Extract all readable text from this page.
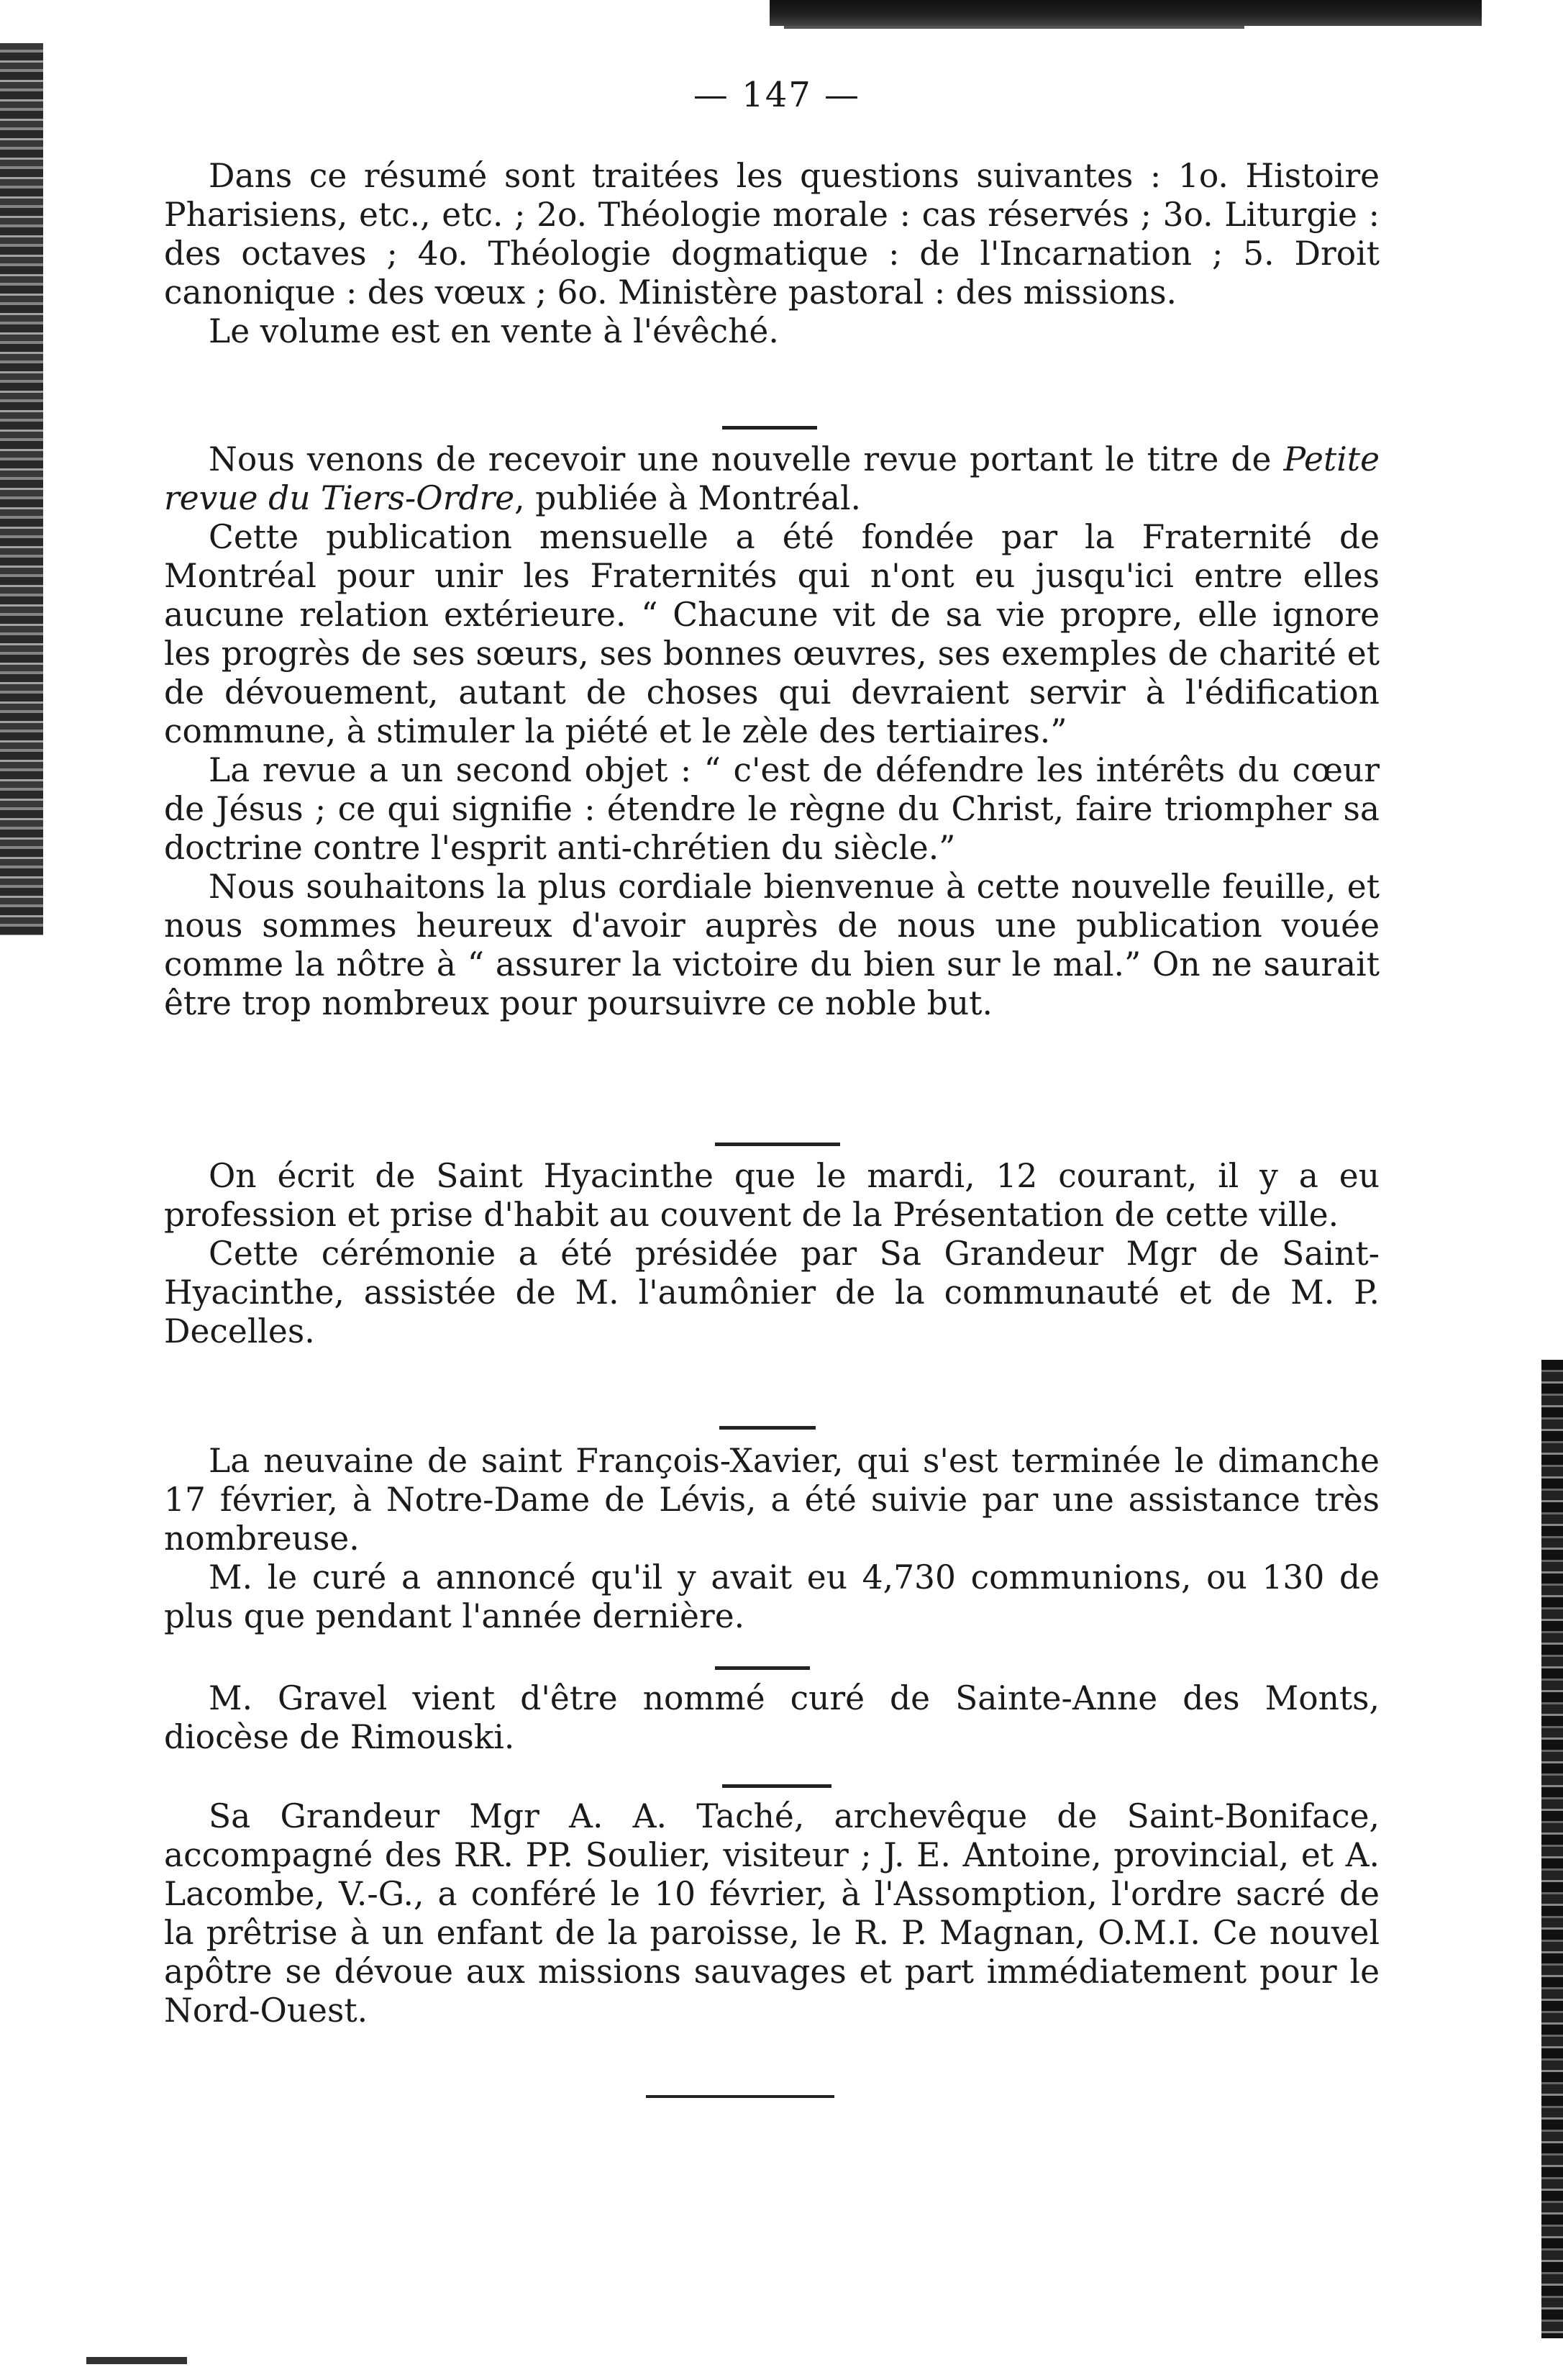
— 147 —

Dans ce résumé sont traitées les questions suivantes : 1o. Histoire Pharisiens, etc., etc. ; 2o. Théologie morale : cas réservés ; 3o. Liturgie : des octaves ; 4o. Théologie dogmatique : de l'Incarnation ; 5. Droit canonique : des vœux ; 6o. Ministère pastoral : des missions.

Le volume est en vente à l'évêché.

Nous venons de recevoir une nouvelle revue portant le titre de Petite revue du Tiers-Ordre, publiée à Montréal.

Cette publication mensuelle a été fondée par la Fraternité de Montréal pour unir les Fraternités qui n'ont eu jusqu'ici entre elles aucune relation extérieure. “ Chacune vit de sa vie propre, elle ignore les progrès de ses sœurs, ses bonnes œuvres, ses exemples de charité et de dévouement, autant de choses qui devraient servir à l'édification commune, à stimuler la piété et le zèle des tertiaires.”

La revue a un second objet : “ c'est de défendre les intérêts du cœur de Jésus ; ce qui signifie : étendre le règne du Christ, faire triompher sa doctrine contre l'esprit anti-chrétien du siècle.”

Nous souhaitons la plus cordiale bienvenue à cette nouvelle feuille, et nous sommes heureux d'avoir auprès de nous une publication vouée comme la nôtre à “ assurer la victoire du bien sur le mal.” On ne saurait être trop nombreux pour poursuivre ce noble but.

On écrit de Saint Hyacinthe que le mardi, 12 courant, il y a eu profession et prise d'habit au couvent de la Présentation de cette ville.

Cette cérémonie a été présidée par Sa Grandeur Mgr de Saint-Hyacinthe, assistée de M. l'aumônier de la communauté et de M. P. Decelles.

La neuvaine de saint François-Xavier, qui s'est terminée le dimanche 17 février, à Notre-Dame de Lévis, a été suivie par une assistance très nombreuse.

M. le curé a annoncé qu'il y avait eu 4,730 communions, ou 130 de plus que pendant l'année dernière.

M. Gravel vient d'être nommé curé de Sainte-Anne des Monts, diocèse de Rimouski.

Sa Grandeur Mgr A. A. Taché, archevêque de Saint-Boniface, accompagné des RR. PP. Soulier, visiteur ; J. E. Antoine, provincial, et A. Lacombe, V.-G., a conféré le 10 février, à l'Assomption, l'ordre sacré de la prêtrise à un enfant de la paroisse, le R. P. Magnan, O.M.I. Ce nouvel apôtre se dévoue aux missions sauvages et part immédiatement pour le Nord-Ouest.
